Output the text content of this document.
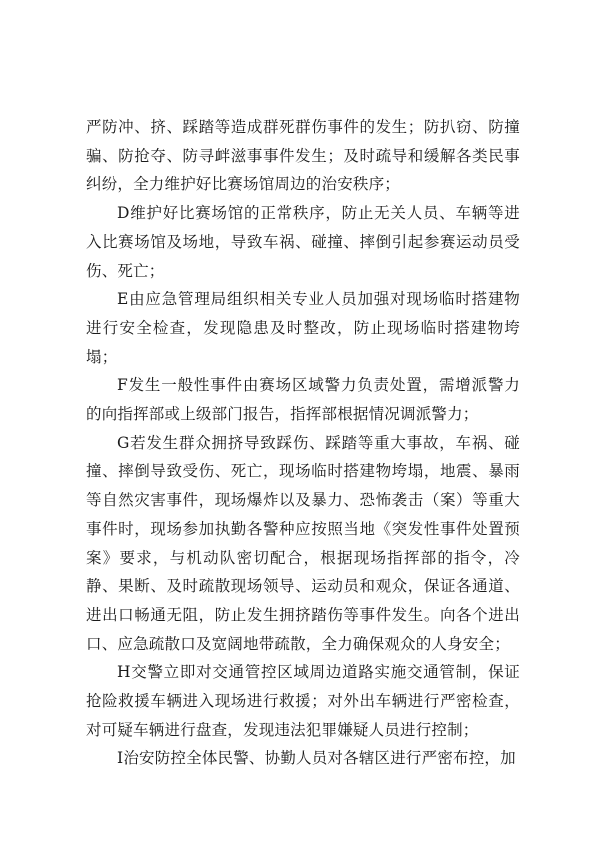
严防冲、挤、踩踏等造成群死群伤事件的发生；防扒窃、防撞骗、防抢夺、防寻衅滋事事件发生；及时疏导和缓解各类民事纠纷，全力维护好比赛场馆周边的治安秩序；

D维护好比赛场馆的正常秩序，防止无关人员、车辆等进入比赛场馆及场地，导致车祸、碰撞、摔倒引起参赛运动员受伤、死亡；

E由应急管理局组织相关专业人员加强对现场临时搭建物进行安全检查，发现隐患及时整改，防止现场临时搭建物垮塌；

F发生一般性事件由赛场区域警力负责处置，需增派警力的向指挥部或上级部门报告，指挥部根据情况调派警力；

G若发生群众拥挤导致踩伤、踩踏等重大事故，车祸、碰撞、摔倒导致受伤、死亡，现场临时搭建物垮塌，地震、暴雨等自然灾害事件，现场爆炸以及暴力、恐怖袭击（案）等重大事件时，现场参加执勤各警种应按照当地《突发性事件处置预案》要求，与机动队密切配合，根据现场指挥部的指令，冷静、果断、及时疏散现场领导、运动员和观众，保证各通道、进出口畅通无阻，防止发生拥挤踏伤等事件发生。向各个进出口、应急疏散口及宽阔地带疏散，全力确保观众的人身安全；

H交警立即对交通管控区域周边道路实施交通管制，保证抢险救援车辆进入现场进行救援；对外出车辆进行严密检查，对可疑车辆进行盘查，发现违法犯罪嫌疑人员进行控制；

I治安防控全体民警、协勤人员对各辖区进行严密布控，加
